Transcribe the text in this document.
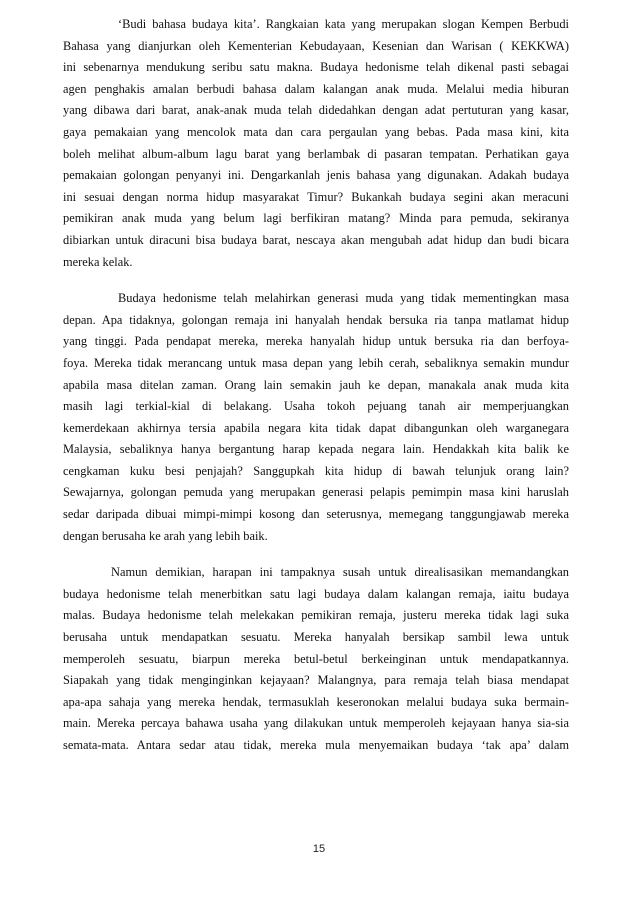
‘Budi bahasa budaya kita’. Rangkaian kata yang merupakan slogan Kempen Berbudi
Bahasa yang dianjurkan oleh Kementerian Kebudayaan, Kesenian dan Warisan ( KEKKWA)
ini sebenarnya mendukung seribu satu makna. Budaya hedonisme telah dikenal pasti sebagai
agen penghakis amalan berbudi bahasa dalam kalangan anak muda. Melalui media hiburan
yang dibawa dari barat, anak-anak muda telah didedahkan dengan adat pertuturan yang kasar,
gaya pemakaian yang mencolok mata dan cara pergaulan yang bebas. Pada masa kini, kita
boleh melihat album-album lagu barat yang berlambak di pasaran tempatan. Perhatikan gaya
pemakaian golongan penyanyi ini. Dengarkanlah jenis bahasa yang digunakan. Adakah budaya
ini sesuai dengan norma hidup masyarakat Timur? Bukankah budaya segini akan meracuni
pemikiran anak muda yang belum lagi berfikiran matang? Minda para pemuda, sekiranya
dibiarkan untuk diracuni bisa budaya barat, nescaya akan mengubah adat hidup dan budi bicara
mereka kelak.
Budaya hedonisme telah melahirkan generasi muda yang tidak mementingkan masa
depan. Apa tidaknya, golongan remaja ini hanyalah hendak bersuka ria tanpa matlamat hidup
yang tinggi. Pada pendapat mereka, mereka hanyalah hidup untuk bersuka ria dan berfoya-
foya. Mereka tidak merancang untuk masa depan yang lebih cerah, sebaliknya semakin mundur
apabila masa ditelan zaman. Orang lain semakin jauh ke depan, manakala anak muda kita
masih lagi terkial-kial di belakang. Usaha tokoh pejuang tanah air memperjuangkan
kemerdekaan akhirnya tersia apabila negara kita tidak dapat dibangunkan oleh warganegara
Malaysia, sebaliknya hanya bergantung harap kepada negara lain. Hendakkah kita balik ke
cengkaman kuku besi penjajah? Sanggupkah kita hidup di bawah telunjuk orang lain?
Sewajarnya, golongan pemuda yang merupakan generasi pelapis pemimpin masa kini haruslah
sedar daripada dibuai mimpi-mimpi kosong dan seterusnya, memegang tanggungjawab mereka
dengan berusaha ke arah yang lebih baik.
Namun demikian, harapan ini tampaknya susah untuk direalisasikan memandangkan
budaya hedonisme telah menerbitkan satu lagi budaya dalam kalangan remaja, iaitu budaya
malas. Budaya hedonisme telah melekakan pemikiran remaja, justeru mereka tidak lagi suka
berusaha untuk mendapatkan sesuatu. Mereka hanyalah bersikap sambil lewa untuk
memperoleh sesuatu, biarpun mereka betul-betul berkeinginan untuk mendapatkannya.
Siapakah yang tidak menginginkan kejayaan? Malangnya, para remaja telah biasa mendapat
apa-apa sahaja yang mereka hendak, termasuklah keseronokan melalui budaya suka bermain-
main. Mereka percaya bahawa usaha yang dilakukan untuk memperoleh kejayaan hanya sia-sia
semata-mata. Antara sedar atau tidak, mereka mula menyemaikan budaya ‘tak apa’ dalam
15
